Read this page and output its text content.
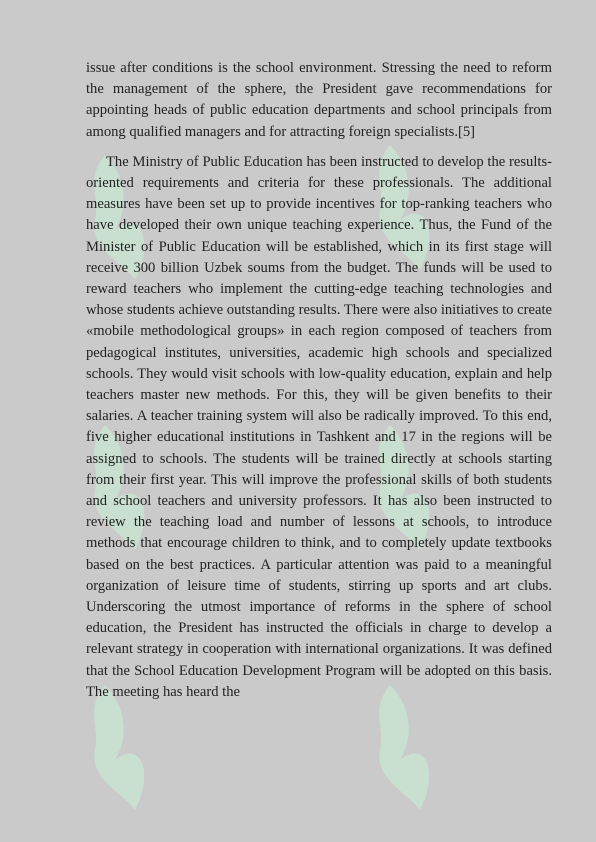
issue after conditions is the school environment. Stressing the need to reform the management of the sphere, the President gave recommendations for appointing heads of public education departments and school principals from among qualified managers and for attracting foreign specialists.[5]

The Ministry of Public Education has been instructed to develop the results-oriented requirements and criteria for these professionals. The additional measures have been set up to provide incentives for top-ranking teachers who have developed their own unique teaching experience. Thus, the Fund of the Minister of Public Education will be established, which in its first stage will receive 300 billion Uzbek soums from the budget. The funds will be used to reward teachers who implement the cutting-edge teaching technologies and whose students achieve outstanding results. There were also initiatives to create «mobile methodological groups» in each region composed of teachers from pedagogical institutes, universities, academic high schools and specialized schools. They would visit schools with low-quality education, explain and help teachers master new methods. For this, they will be given benefits to their salaries. A teacher training system will also be radically improved. To this end, five higher educational institutions in Tashkent and 17 in the regions will be assigned to schools. The students will be trained directly at schools starting from their first year. This will improve the professional skills of both students and school teachers and university professors. It has also been instructed to review the teaching load and number of lessons at schools, to introduce methods that encourage children to think, and to completely update textbooks based on the best practices. A particular attention was paid to a meaningful organization of leisure time of students, stirring up sports and art clubs. Underscoring the utmost importance of reforms in the sphere of school education, the President has instructed the officials in charge to develop a relevant strategy in cooperation with international organizations. It was defined that the School Education Development Program will be adopted on this basis. The meeting has heard the
